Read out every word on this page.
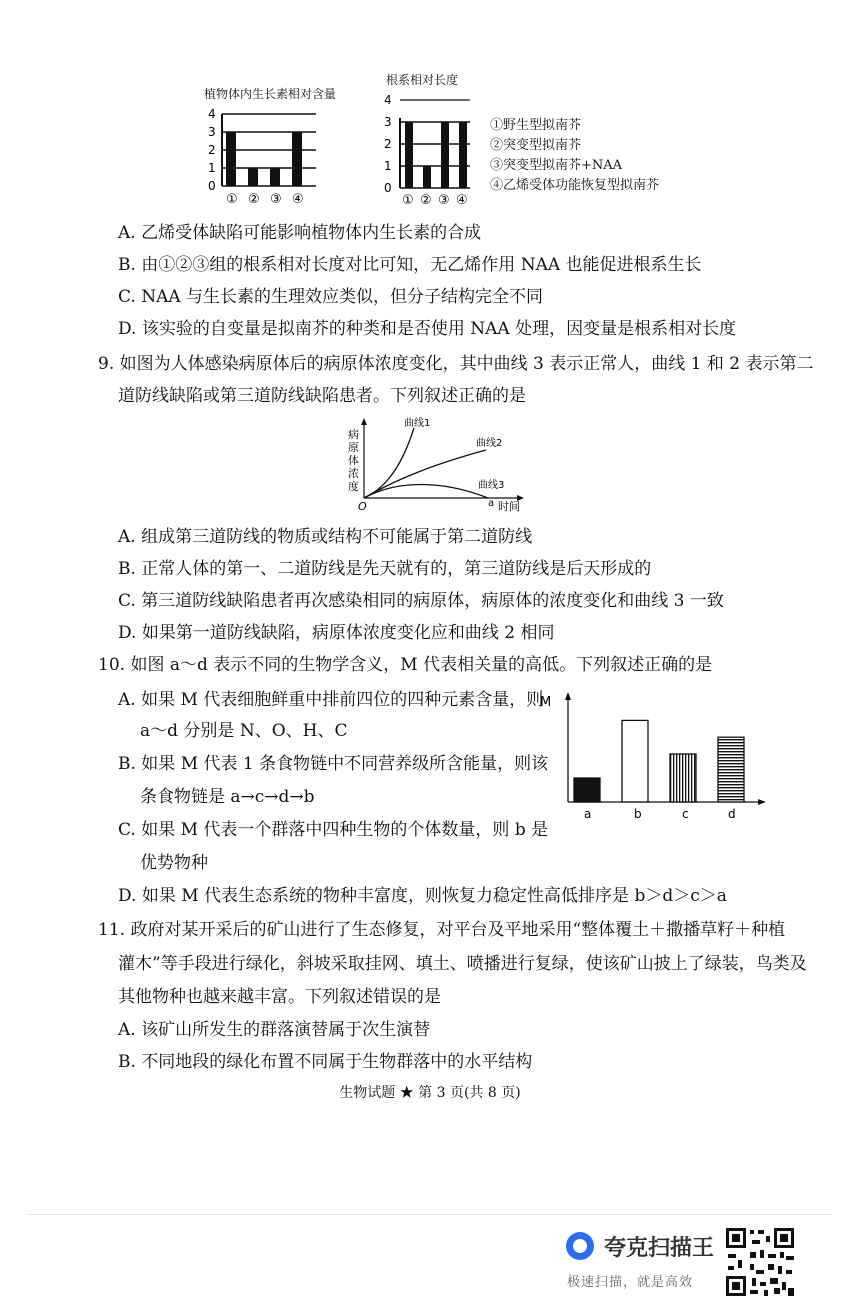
植物体内生长素相对含量
4
3
2
1
0
① ② ③ ④
根系相对长度
4
3
2
1
0
① ② ③ ④
①野生型拟南芥
②突变型拟南芥
③突变型拟南芥+NAA
④乙烯受体功能恢复型拟南芥
A. 乙烯受体缺陷可能影响植物体内生长素的合成
B. 由①②③组的根系相对长度对比可知，无乙烯作用 NAA 也能促进根系生长
C. NAA 与生长素的生理效应类似，但分子结构完全不同
D. 该实验的自变量是拟南芥的种类和是否使用 NAA 处理，因变量是根系相对长度
9. 如图为人体感染病原体后的病原体浓度变化，其中曲线 3 表示正常人，曲线 1 和 2 表示第二
道防线缺陷或第三道防线缺陷患者。下列叙述正确的是
病
原
体
浓
度
O	a 时间
曲线1
曲线2
曲线3
A. 组成第三道防线的物质或结构不可能属于第二道防线
B. 正常人体的第一、二道防线是先天就有的，第三道防线是后天形成的
C. 第三道防线缺陷患者再次感染相同的病原体，病原体的浓度变化和曲线 3 一致
D. 如果第一道防线缺陷，病原体浓度变化应和曲线 2 相同
10. 如图 a～d 表示不同的生物学含义，M 代表相关量的高低。下列叙述正确的是
A. 如果 M 代表细胞鲜重中排前四位的四种元素含量，则
a～d 分别是 N、O、H、C
B. 如果 M 代表 1 条食物链中不同营养级所含能量，则该
条食物链是 a→c→d→b
C. 如果 M 代表一个群落中四种生物的个体数量，则 b 是
优势物种
D. 如果 M 代表生态系统的物种丰富度，则恢复力稳定性高低排序是 b＞d＞c＞a
M
a	b	c	d
11. 政府对某开采后的矿山进行了生态修复，对平台及平地采用“整体覆土＋撒播草籽＋种植
灌木”等手段进行绿化，斜坡采取挂网、填土、喷播进行复绿，使该矿山披上了绿装，鸟类及
其他物种也越来越丰富。下列叙述错误的是
A. 该矿山所发生的群落演替属于次生演替
B. 不同地段的绿化布置不同属于生物群落中的水平结构
生物试题 ★ 第 3 页(共 8 页)
夸克扫描王
极速扫描，就是高效
